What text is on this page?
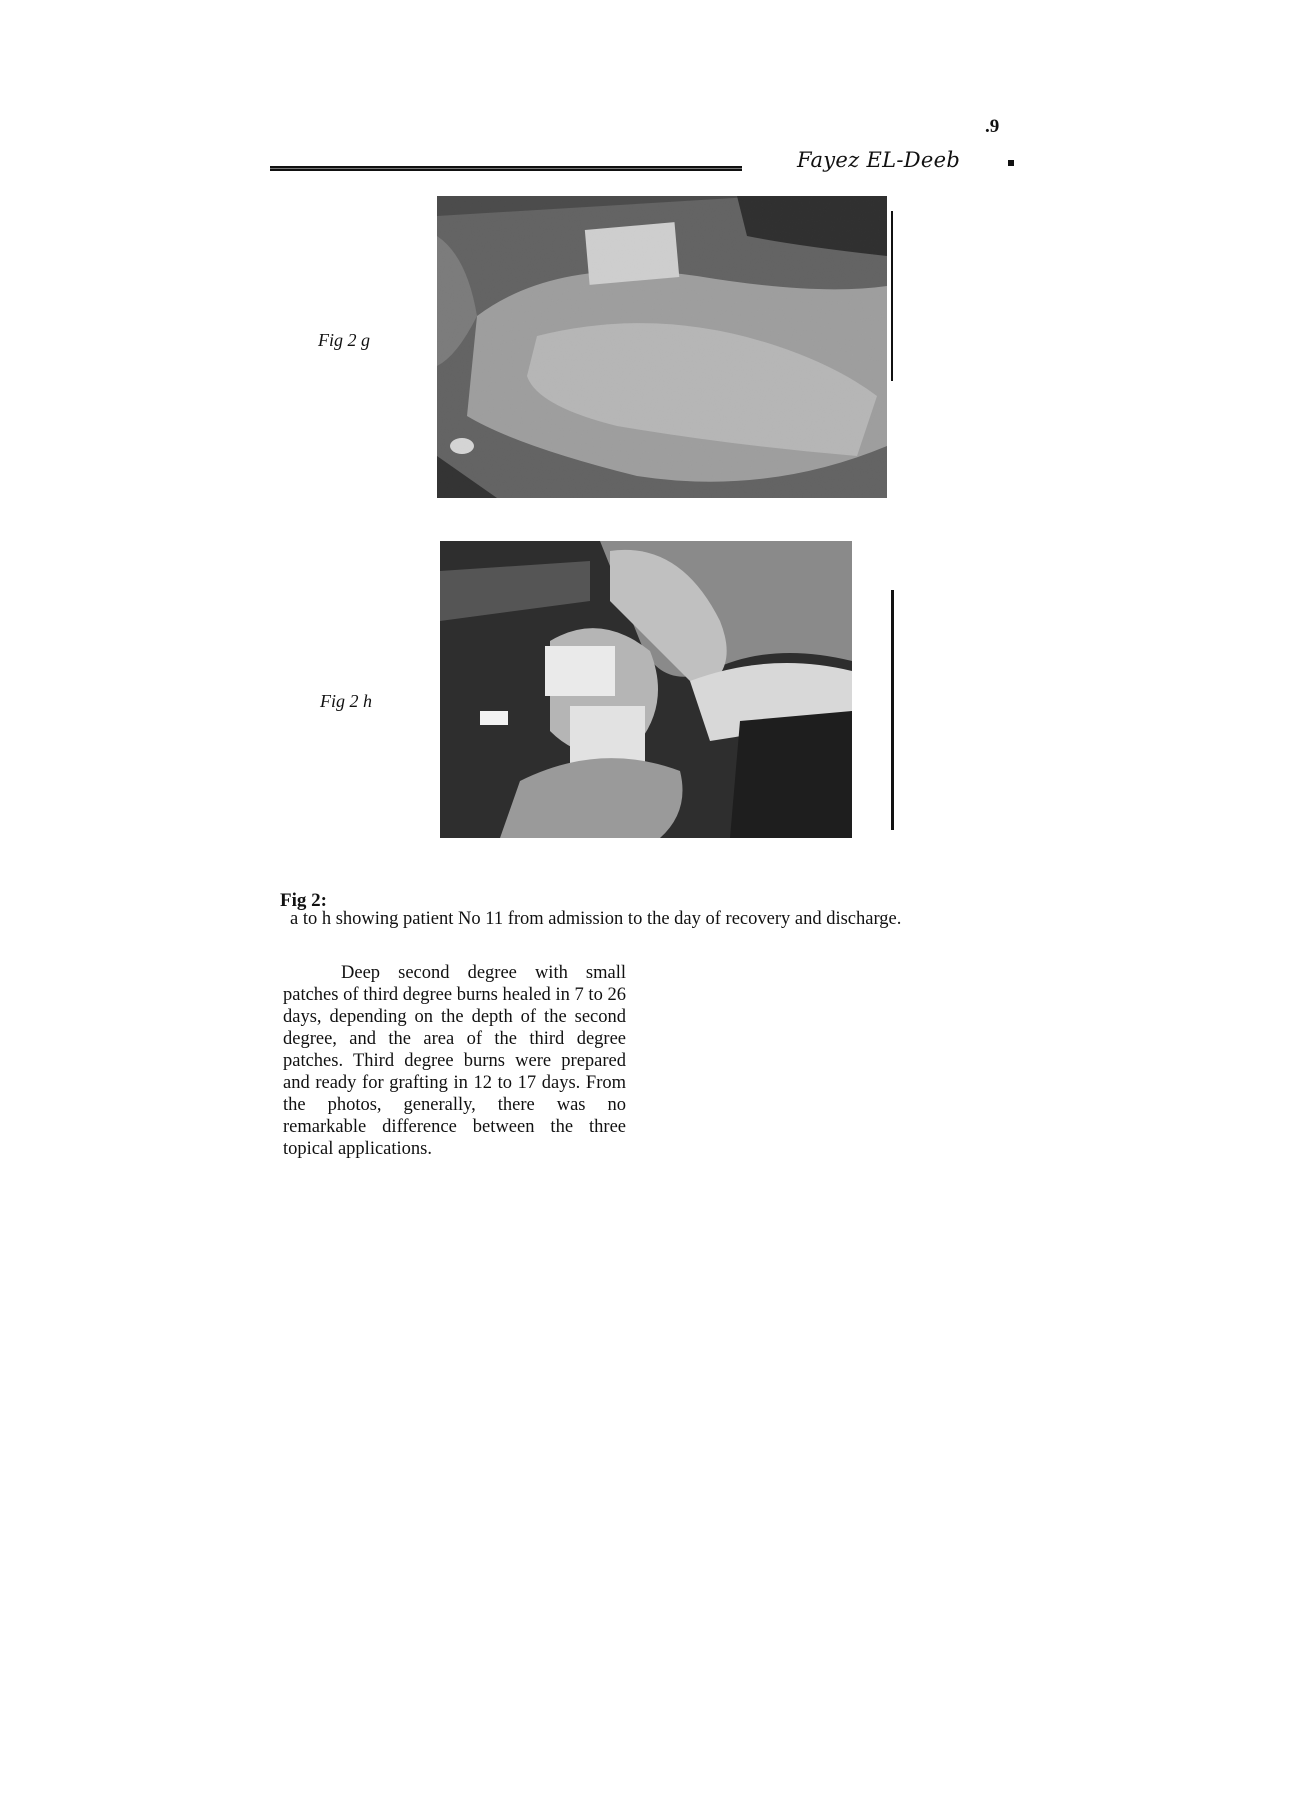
.9
Fayez EL-Deeb
Fig 2 g
Fig 2 h
Fig 2:
a to h showing patient No 11 from admission to the day of recovery and discharge.
Deep second degree with small patches of third degree burns healed in 7 to 26 days, depending on the depth of the second degree, and the area of the third degree patches. Third degree burns were prepared and ready for grafting in 12 to 17 days. From the photos, generally, there was no remarkable difference between the three topical applications.
